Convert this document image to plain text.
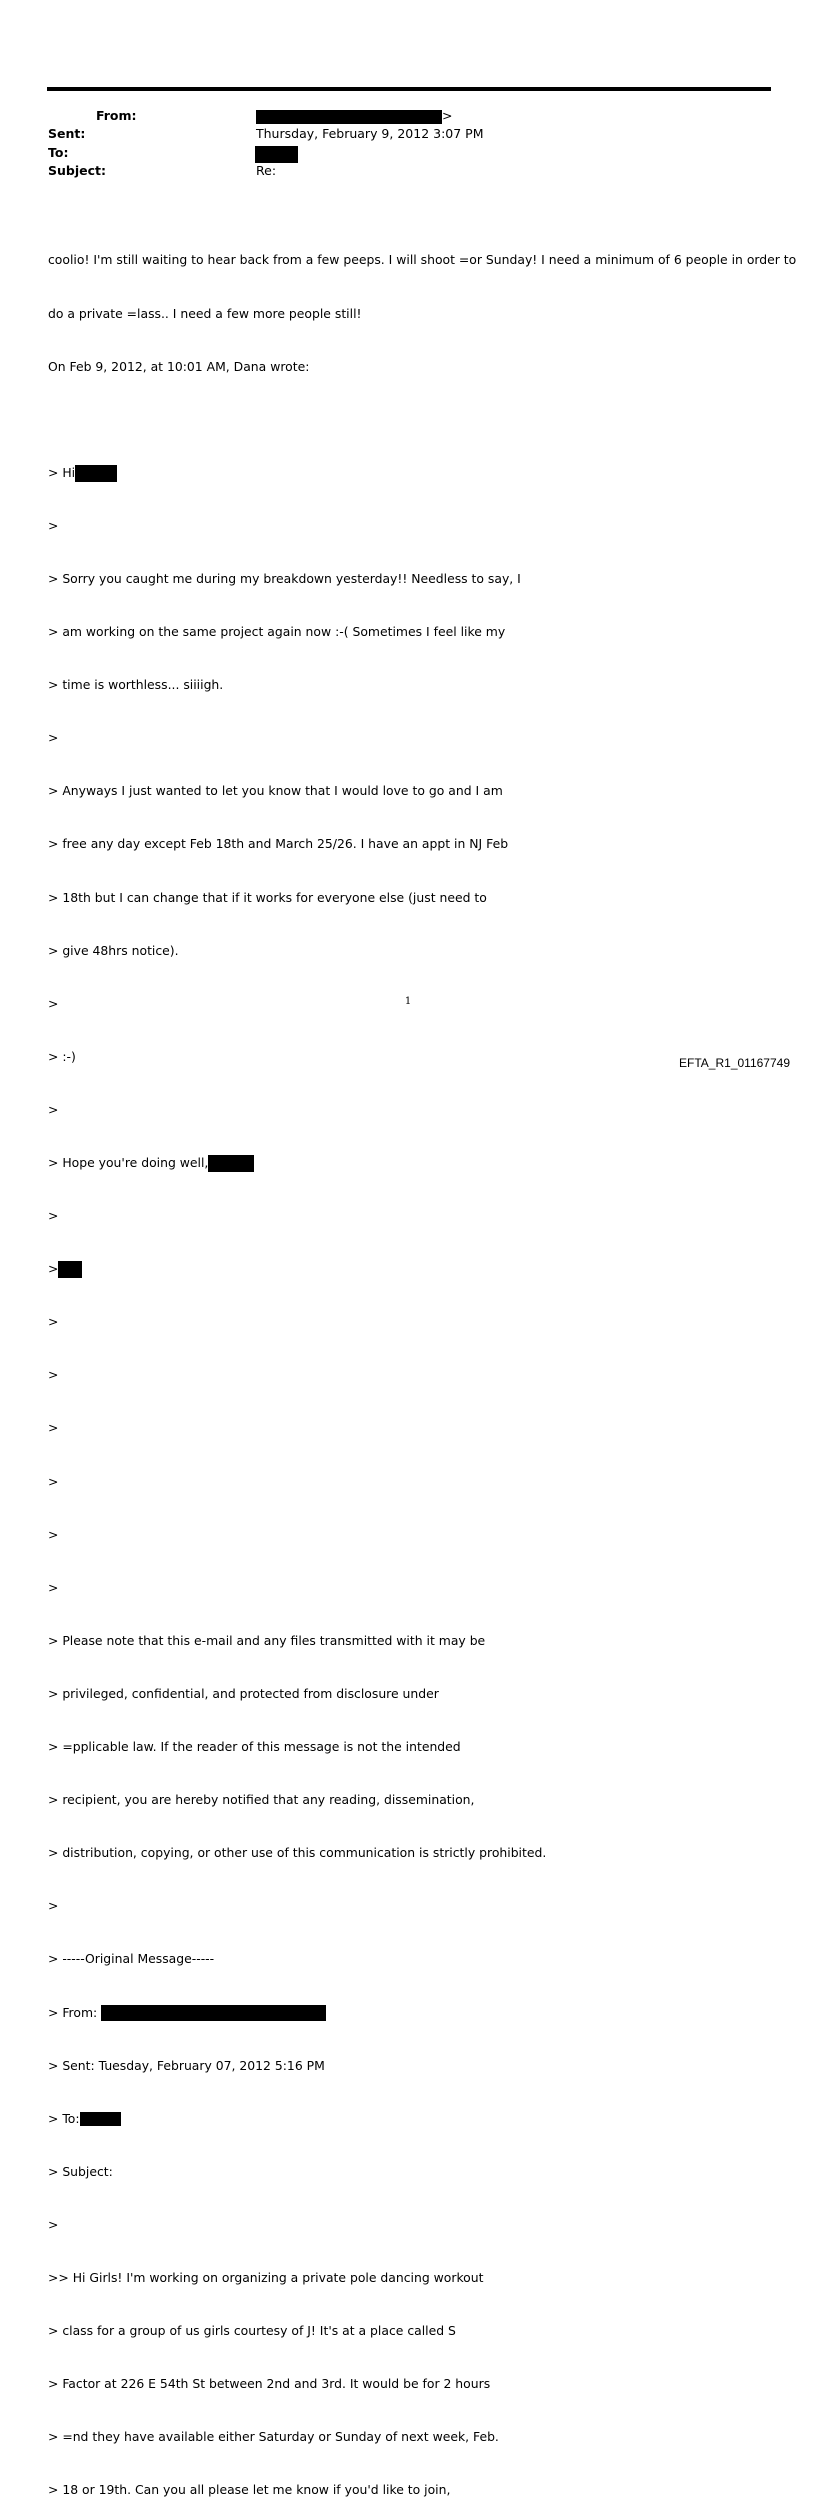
From:	>
Sent:	Thursday, February 9, 2012 3:07 PM
To:
Subject:	Re:

coolio! I'm still waiting to hear back from a few peeps. I will shoot =or Sunday! I need a minimum of 6 people in order to

do a private =lass.. I need a few more people still!

On Feb 9, 2012, at 10:01 AM, Dana wrote:

> Hi

>

> Sorry you caught me during my breakdown yesterday!! Needless to say, I

> am working on the same project again now :-( Sometimes I feel like my

> time is worthless... siiiigh.

>

> Anyways I just wanted to let you know that I would love to go and I am

> free any day except Feb 18th and March 25/26. I have an appt in NJ Feb

> 18th but I can change that if it works for everyone else (just need to

> give 48hrs notice).

>

> :-)

>

> Hope you're doing well,

>

>

>

>

>

>

>

>

> Please note that this e-mail and any files transmitted with it may be

> privileged, confidential, and protected from disclosure under

> =pplicable law. If the reader of this message is not the intended

> recipient, you are hereby notified that any reading, dissemination,

> distribution, copying, or other use of this communication is strictly prohibited.

>

> -----Original Message-----

> From:

> Sent: Tuesday, February 07, 2012 5:16 PM

> To:

> Subject:

>

>> Hi Girls! I'm working on organizing a private pole dancing workout

> class for a group of us girls courtesy of J! It's at a place called S

> Factor at 226 E 54th St between 2nd and 3rd. It would be for 2 hours

> =nd they have available either Saturday or Sunday of next week, Feb.

> 18 or 19th. Can you all please let me know if you'd like to join,

1
EFTA_R1_01167749
